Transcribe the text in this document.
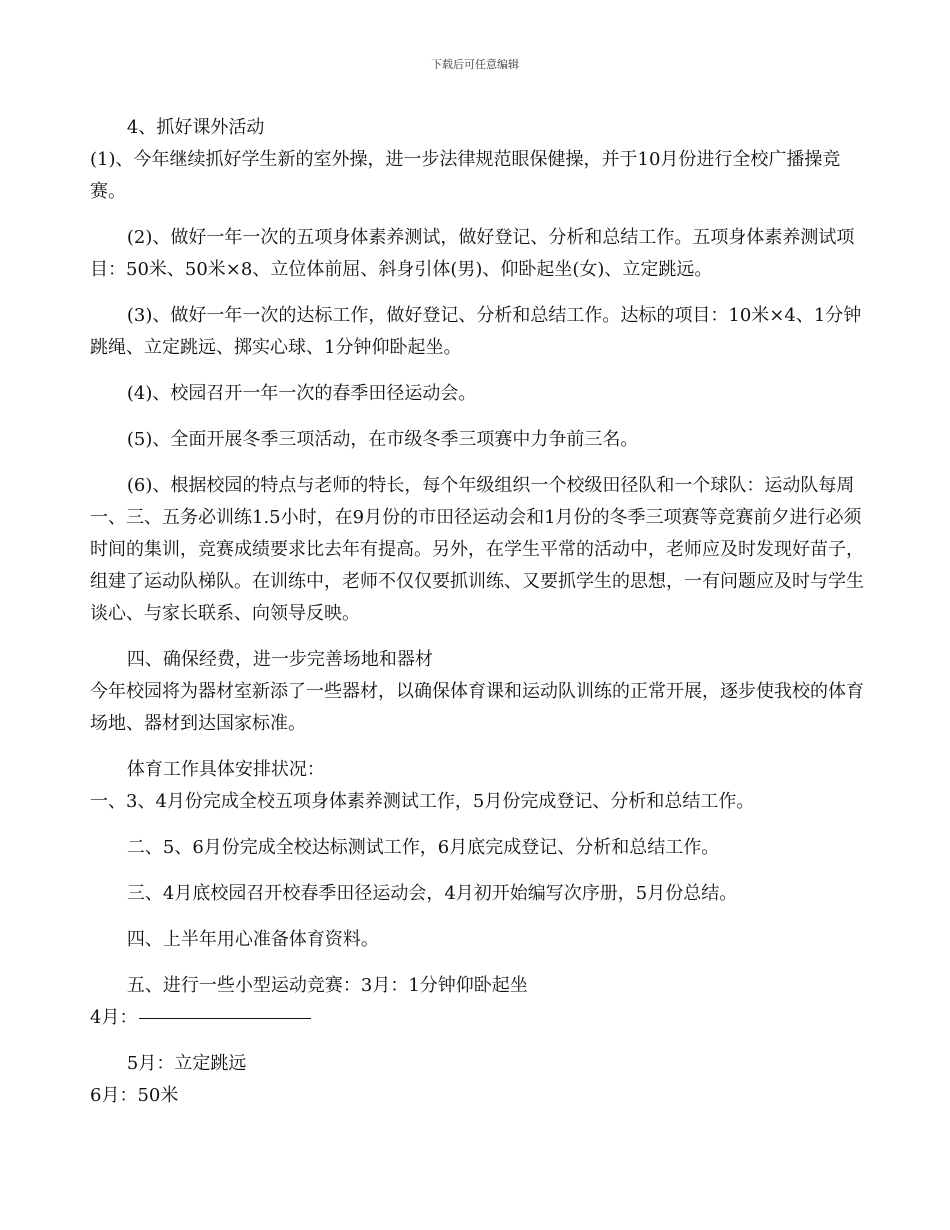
下载后可任意编辑

4、抓好课外活动

(1)、今年继续抓好学生新的室外操，进一步法律规范眼保健操，并于10月份进行全校广播操竞赛。

(2)、做好一年一次的五项身体素养测试，做好登记、分析和总结工作。五项身体素养测试项目：50米、50米×8、立位体前屈、斜身引体(男)、仰卧起坐(女)、立定跳远。

(3)、做好一年一次的达标工作，做好登记、分析和总结工作。达标的项目：10米×4、1分钟跳绳、立定跳远、掷实心球、1分钟仰卧起坐。

(4)、校园召开一年一次的春季田径运动会。

(5)、全面开展冬季三项活动，在市级冬季三项赛中力争前三名。

(6)、根据校园的特点与老师的特长，每个年级组织一个校级田径队和一个球队：运动队每周一、三、五务必训练1.5小时，在9月份的市田径运动会和1月份的冬季三项赛等竞赛前夕进行必须时间的集训，竞赛成绩要求比去年有提高。另外，在学生平常的活动中，老师应及时发现好苗子，组建了运动队梯队。在训练中，老师不仅仅要抓训练、又要抓学生的思想，一有问题应及时与学生谈心、与家长联系、向领导反映。

四、确保经费，进一步完善场地和器材

今年校园将为器材室新添了一些器材，以确保体育课和运动队训练的正常开展，逐步使我校的体育场地、器材到达国家标准。

体育工作具体安排状况：

一、3、4月份完成全校五项身体素养测试工作，5月份完成登记、分析和总结工作。

二、5、6月份完成全校达标测试工作，6月底完成登记、分析和总结工作。

三、4月底校园召开校春季田径运动会，4月初开始编写次序册，5月份总结。

四、上半年用心准备体育资料。

五、进行一些小型运动竞赛：3月：1分钟仰卧起坐

4月：

5月：立定跳远

6月：50米
